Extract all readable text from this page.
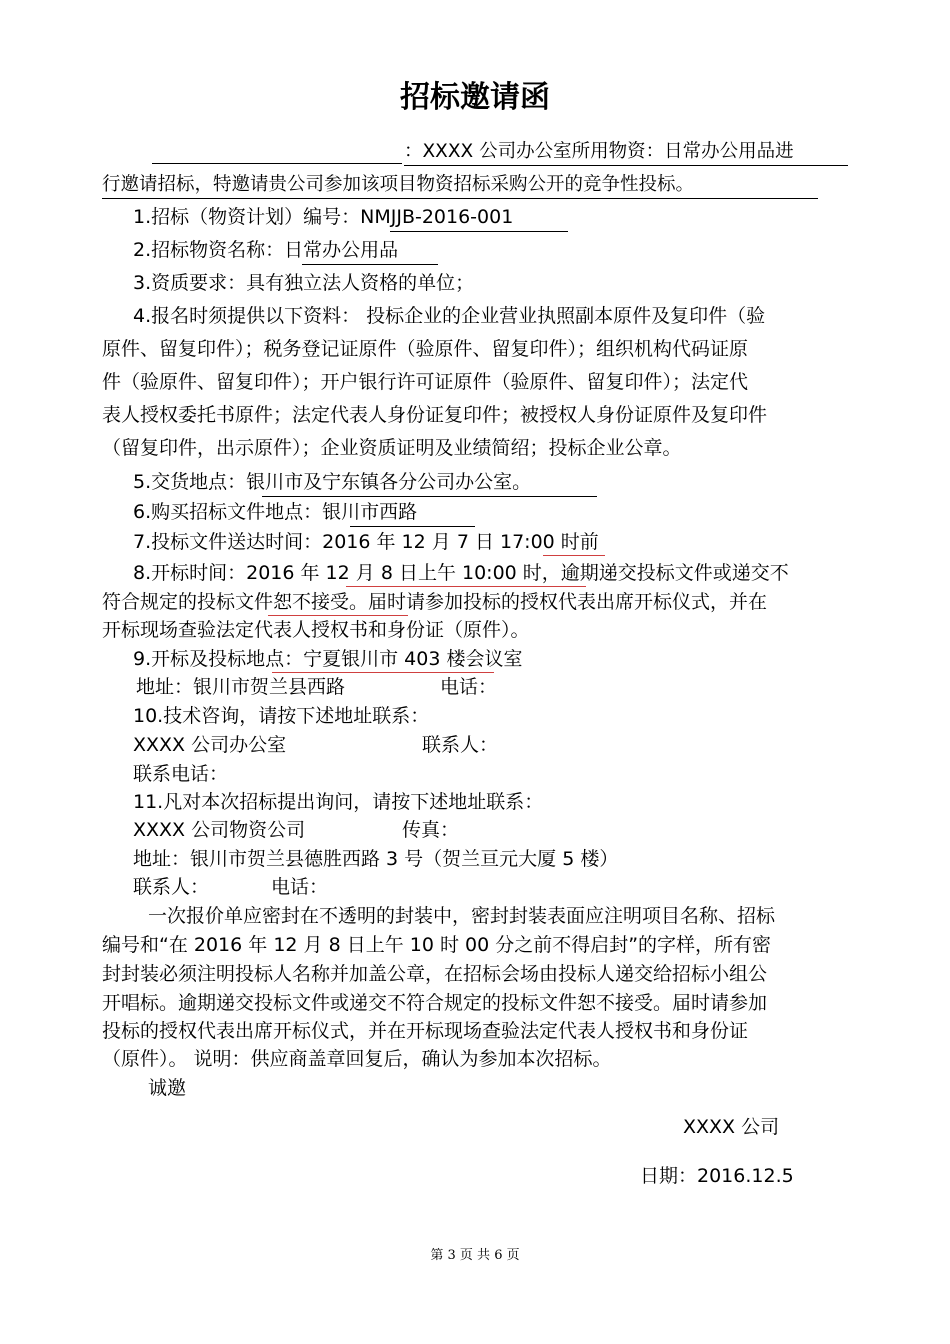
招标邀请函
：XXXX 公司办公室所用物资：日常办公用品进
行邀请招标，特邀请贵公司参加该项目物资招标采购公开的竞争性投标。
1.招标（物资计划）编号：NMJJB-2016-001
2.招标物资名称：日常办公用品
3.资质要求：具有独立法人资格的单位；
4.报名时须提供以下资料： 投标企业的企业营业执照副本原件及复印件（验
原件、留复印件）；税务登记证原件（验原件、留复印件）；组织机构代码证原
件（验原件、留复印件）；开户银行许可证原件（验原件、留复印件）；法定代
表人授权委托书原件；法定代表人身份证复印件；被授权人身份证原件及复印件
（留复印件，出示原件）；企业资质证明及业绩简绍；投标企业公章。
5.交货地点：银川市及宁东镇各分公司办公室。
6.购买招标文件地点：银川市西路
7.投标文件送达时间：2016 年 12 月 7 日 17:00 时前
8.开标时间：2016 年 12 月 8 日上午 10:00 时，逾期递交投标文件或递交不
符合规定的投标文件恕不接受。届时请参加投标的授权代表出席开标仪式，并在
开标现场查验法定代表人授权书和身份证（原件）。
9.开标及投标地点：宁夏银川市 403 楼会议室
地址：银川市贺兰县西路	电话：
10.技术咨询，请按下述地址联系：
XXXX 公司办公室	联系人：
联系电话：
11.凡对本次招标提出询问，请按下述地址联系：
XXXX 公司物资公司	传真：
地址：银川市贺兰县德胜西路 3 号（贺兰亘元大厦 5 楼）
联系人：	电话：
一次报价单应密封在不透明的封装中，密封封装表面应注明项目名称、招标
编号和“在 2016 年 12 月 8 日上午 10 时 00 分之前不得启封”的字样，所有密
封封装必须注明投标人名称并加盖公章，在招标会场由投标人递交给招标小组公
开唱标。逾期递交投标文件或递交不符合规定的投标文件恕不接受。届时请参加
投标的授权代表出席开标仪式，并在开标现场查验法定代表人授权书和身份证
（原件）。 说明：供应商盖章回复后，确认为参加本次招标。
诚邀
XXXX 公司
日期：2016.12.5
第 3 页 共 6 页
